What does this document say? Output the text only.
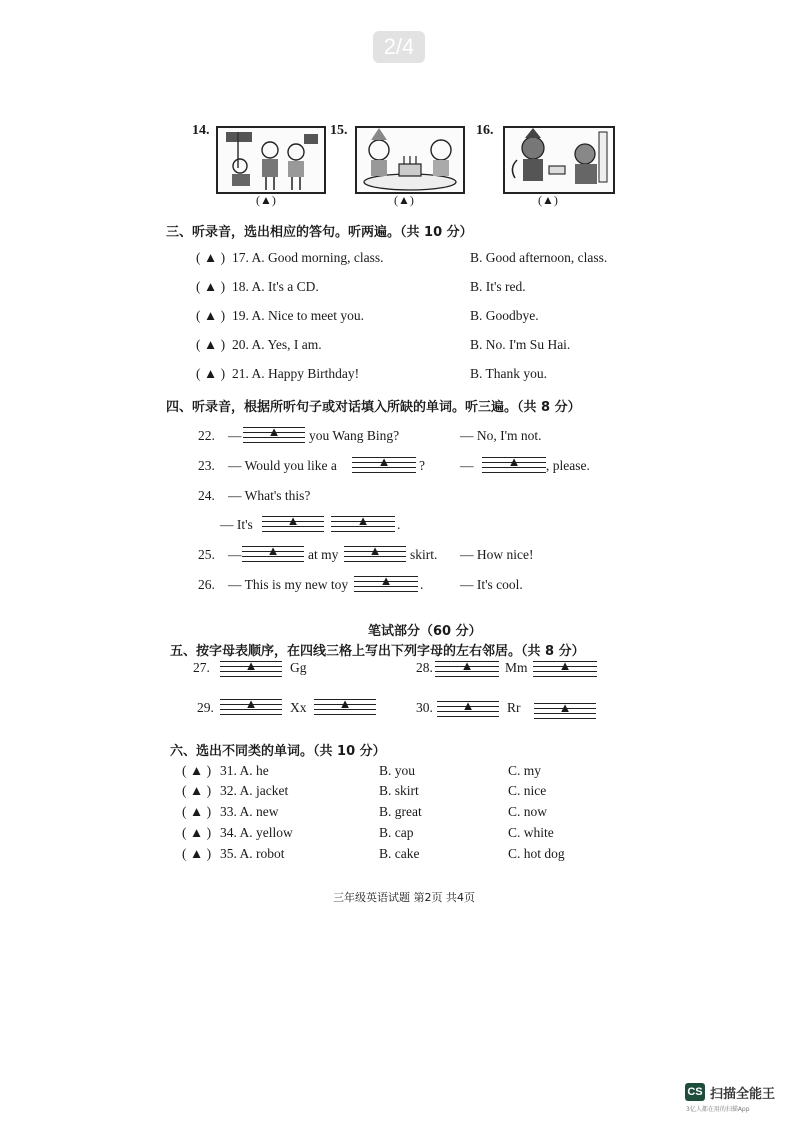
2/4
14.
(▲)
15.
(▲)
16.
(▲)
三、听录音，选出相应的答句。听两遍。（共 10 分）
( ▲ ) 17. A. Good morning, class.	B. Good afternoon, class.
( ▲ ) 18. A. It's a CD.	B. It's red.
( ▲ ) 19. A. Nice to meet you.	B. Goodbye.
( ▲ ) 20. A. Yes, I am.	B. No. I'm Su Hai.
( ▲ ) 21. A. Happy Birthday!	B. Thank you.
四、听录音，根据所听句子或对话填入所缺的单词。听三遍。（共 8 分）
22. — ▲ you Wang Bing?	— No, I'm not.
23. — Would you like a	▲ ?	—	▲ , please.
24. — What's this?
— It's	▲	▲ .
25. — ▲ at my ▲ skirt. — How nice!
26. — This is my new toy ▲ .	— It's cool.
笔试部分（60 分）
五、按字母表顺序，在四线三格上写出下列字母的左右邻居。（共 8 分）
27.	▲ Gg	28. ▲ Mm ▲
29. ▲ Xx ▲	30. ▲ Rr	▲
六、选出不同类的单词。（共 10 分）
( ▲ ) 31. A. he	B. you	C. my
( ▲ ) 32. A. jacket	B. skirt	C. nice
( ▲ ) 33. A. new	B. great	C. now
( ▲ ) 34. A. yellow	B. cap	C. white
( ▲ ) 35. A. robot	B. cake	C. hot dog
三年级英语试题 第2页 共4页
CS 扫描全能王
3亿人都在用的扫描App
